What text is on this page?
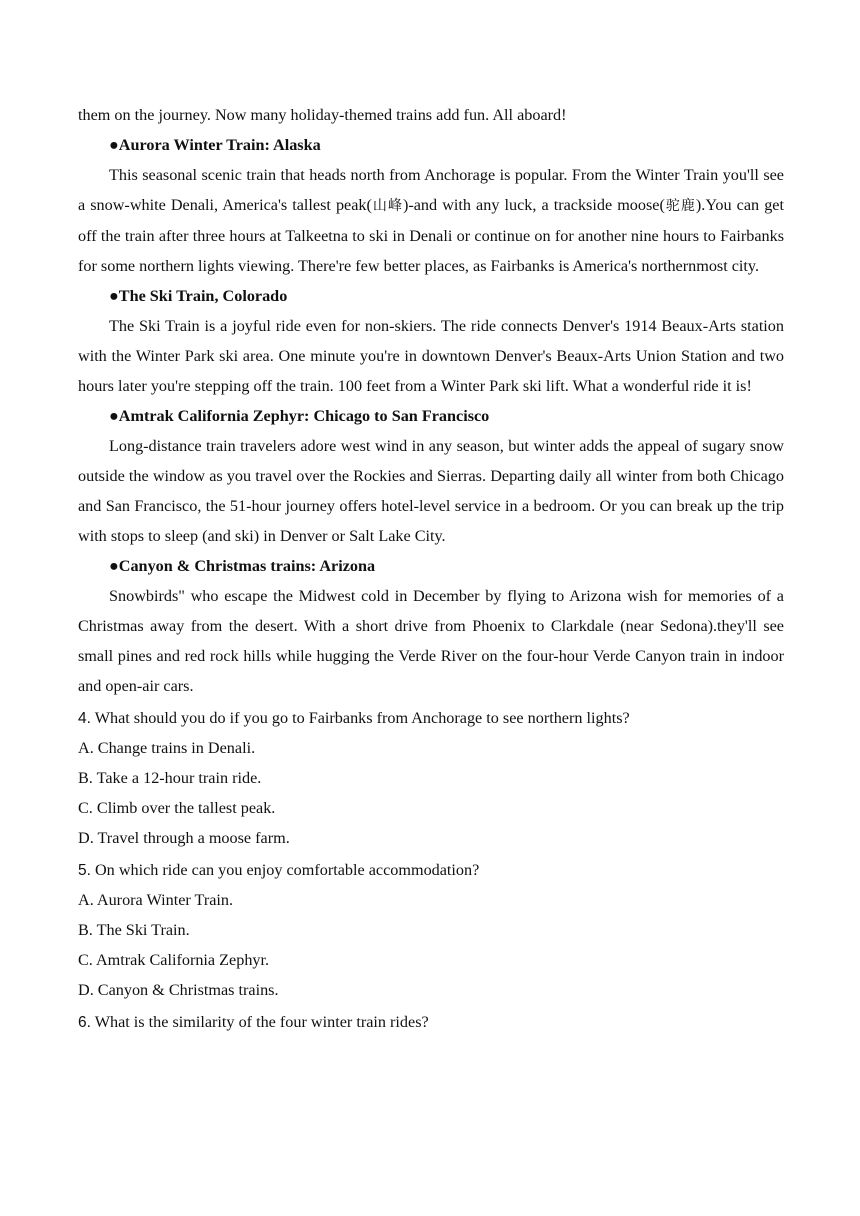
them on the journey. Now many holiday-themed trains add fun. All aboard!
●Aurora Winter Train: Alaska

This seasonal scenic train that heads north from Anchorage is popular. From the Winter Train you'll see a snow-white Denali, America's tallest peak(山峰)-and with any luck, a trackside moose(驼鹿).You can get off the train after three hours at Talkeetna to ski in Denali or continue on for another nine hours to Fairbanks for some northern lights viewing. There're few better places, as Fairbanks is America's northernmost city.

●The Ski Train, Colorado

The Ski Train is a joyful ride even for non-skiers. The ride connects Denver's 1914 Beaux-Arts station with the Winter Park ski area. One minute you're in downtown Denver's Beaux-Arts Union Station and two hours later you're stepping off the train. 100 feet from a Winter Park ski lift. What a wonderful ride it is!

●Amtrak California Zephyr: Chicago to San Francisco

Long-distance train travelers adore west wind in any season, but winter adds the appeal of sugary snow outside the window as you travel over the Rockies and Sierras. Departing daily all winter from both Chicago and San Francisco, the 51-hour journey offers hotel-level service in a bedroom. Or you can break up the trip with stops to sleep (and ski) in Denver or Salt Lake City.

●Canyon & Christmas trains: Arizona

Snowbirds" who escape the Midwest cold in December by flying to Arizona wish for memories of a Christmas away from the desert. With a short drive from Phoenix to Clarkdale (near Sedona).they'll see small pines and red rock hills while hugging the Verde River on the four-hour Verde Canyon train in indoor and open-air cars.

4. What should you do if you go to Fairbanks from Anchorage to see northern lights?
A. Change trains in Denali.
B. Take a 12-hour train ride.
C. Climb over the tallest peak.
D. Travel through a moose farm.
5. On which ride can you enjoy comfortable accommodation?
A. Aurora Winter Train.
B. The Ski Train.
C. Amtrak California Zephyr.
D. Canyon & Christmas trains.
6. What is the similarity of the four winter train rides?
